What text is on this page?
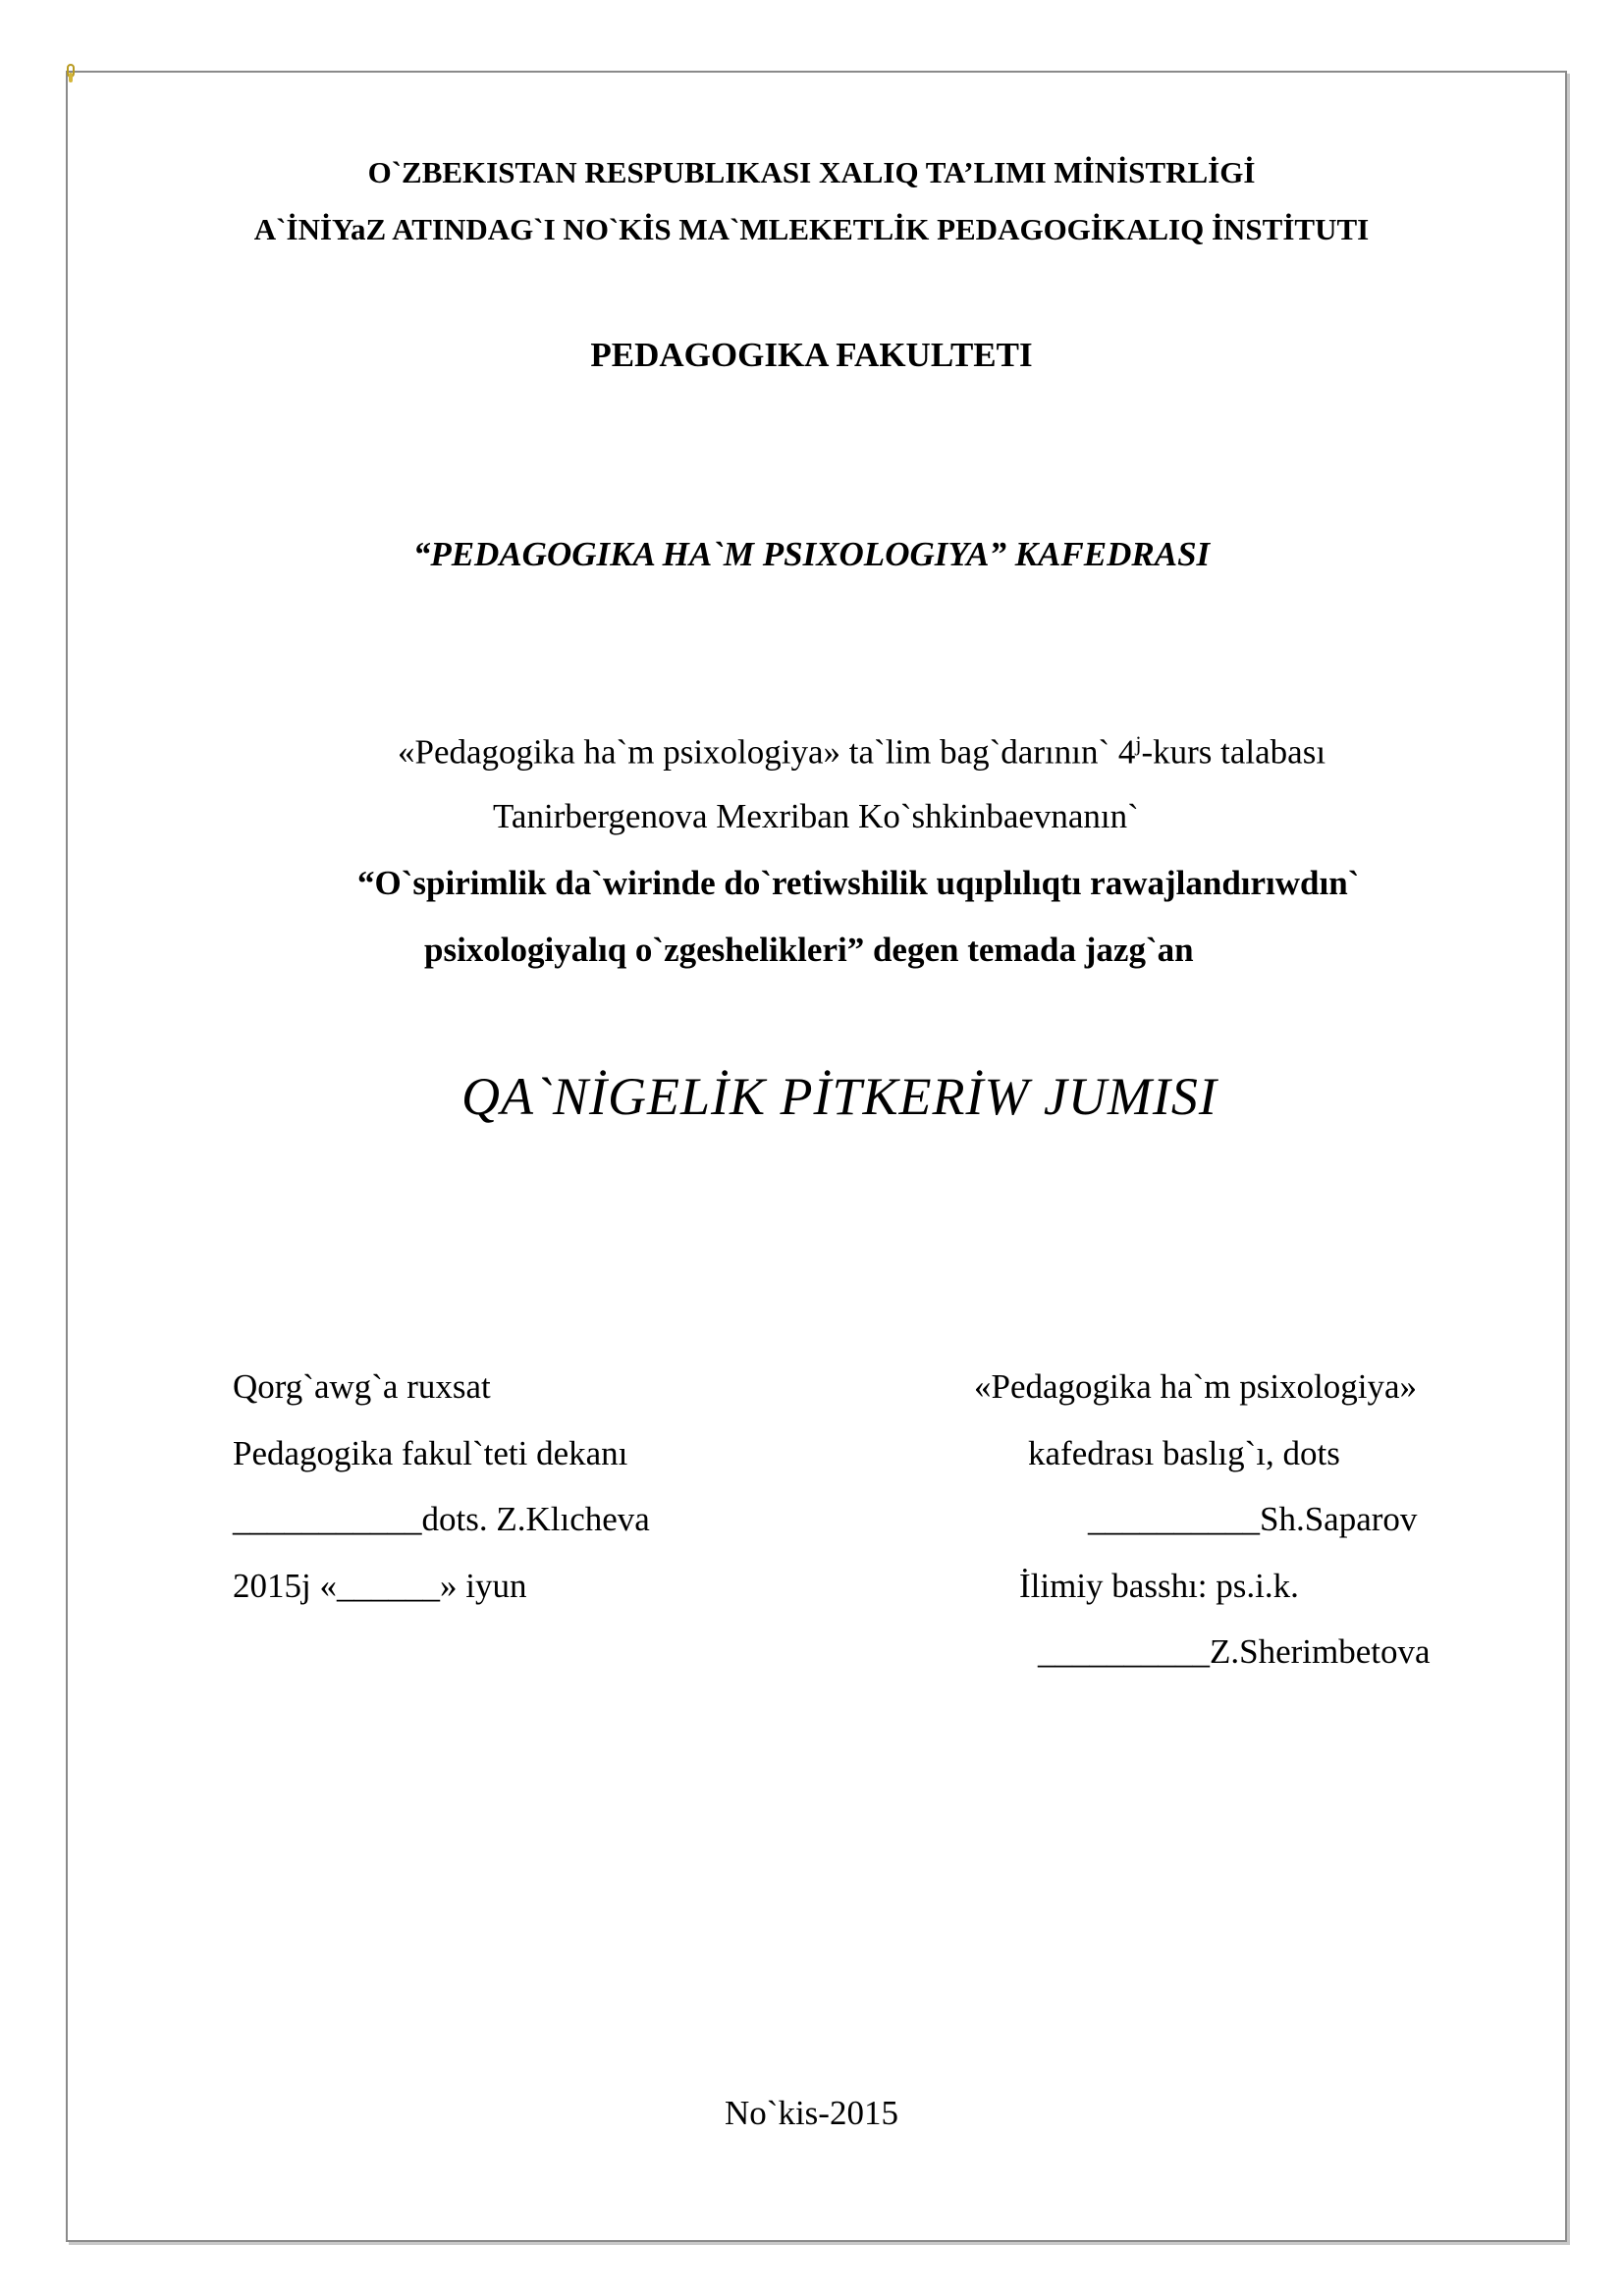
O`ZBEKISTAN RESPUBLIKASI XALIQ TA’LIMI MİNİSTRLİGİ
A`İNİYaZ ATINDAG`I NO`KİS MA`MLEKETLİK PEDAGOGİKALIQ İNSTİTUTI
PEDAGOGIKA FAKULTETI
“PEDAGOGIKA HA`M PSIXOLOGIYA” KAFEDRASI
«Pedagogika ha`m psixologiya» ta`lim bag`darının` 4$^j$-kurs talabası
Tanirbergenova Mexriban Ko`shkinbaevnanın`
“O`spirimlik da`wirinde do`retiwshilik uqıplılıqtı rawajlandırıwdın`
psixologiyalıq o`zgeshelikleri” degen temada jazg`an
QA`NİGELİK PİTKERİW JUMISI
Qorg`awg`a ruxsat
Pedagogika fakul`teti dekanı
___________dots. Z.Klıcheva
2015j «______» iyun
«Pedagogika ha`m psixologiya»
kafedrası baslıg`ı, dots
__________Sh.Saparov
İlimiy basshı: ps.i.k.
__________Z.Sherimbetova
No`kis-2015
